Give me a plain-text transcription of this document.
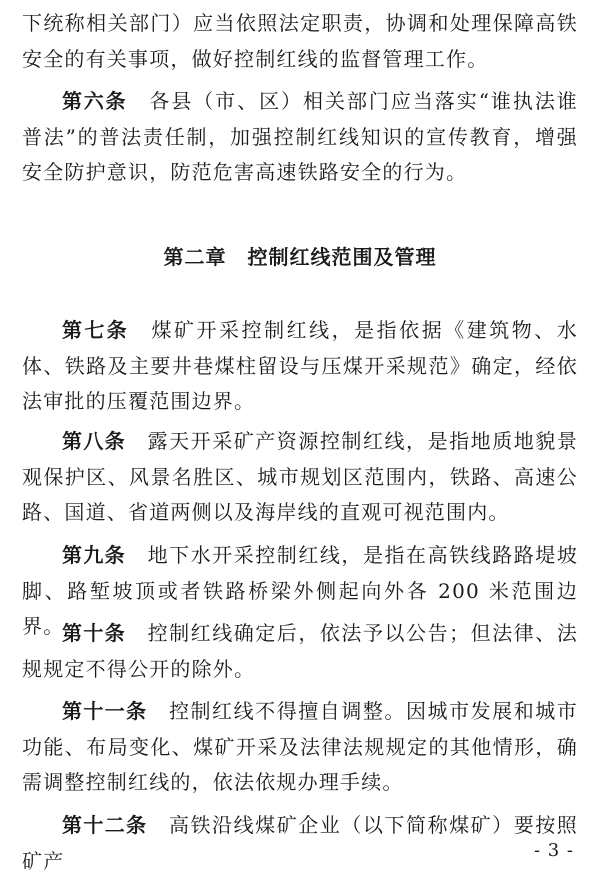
下统称相关部门）应当依照法定职责，协调和处理保障高铁安全的有关事项，做好控制红线的监督管理工作。

第六条　 各县（市、区）相关部门应当落实“谁执法谁普法”的普法责任制，加强控制红线知识的宣传教育，增强安全防护意识，防范危害高速铁路安全的行为。

第二章　控制红线范围及管理

第七条　 煤矿开采控制红线，是指依据《建筑物、水体、铁路及主要井巷煤柱留设与压煤开采规范》确定，经依法审批的压覆范围边界。

第八条　 露天开采矿产资源控制红线，是指地质地貌景观保护区、风景名胜区、城市规划区范围内，铁路、高速公路、国道、省道两侧以及海岸线的直观可视范围内。

第九条　 地下水开采控制红线，是指在高铁线路路堤坡脚、路堑坡顶或者铁路桥梁外侧起向外各 200 米范围边界。

第十条　 控制红线确定后，依法予以公告；但法律、法规规定不得公开的除外。

第十一条　 控制红线不得擅自调整。因城市发展和城市功能、布局变化、煤矿开采及法律法规规定的其他情形，确需调整控制红线的，依法依规办理手续。

第十二条　 高铁沿线煤矿企业（以下简称煤矿）要按照矿产	- 3 -
